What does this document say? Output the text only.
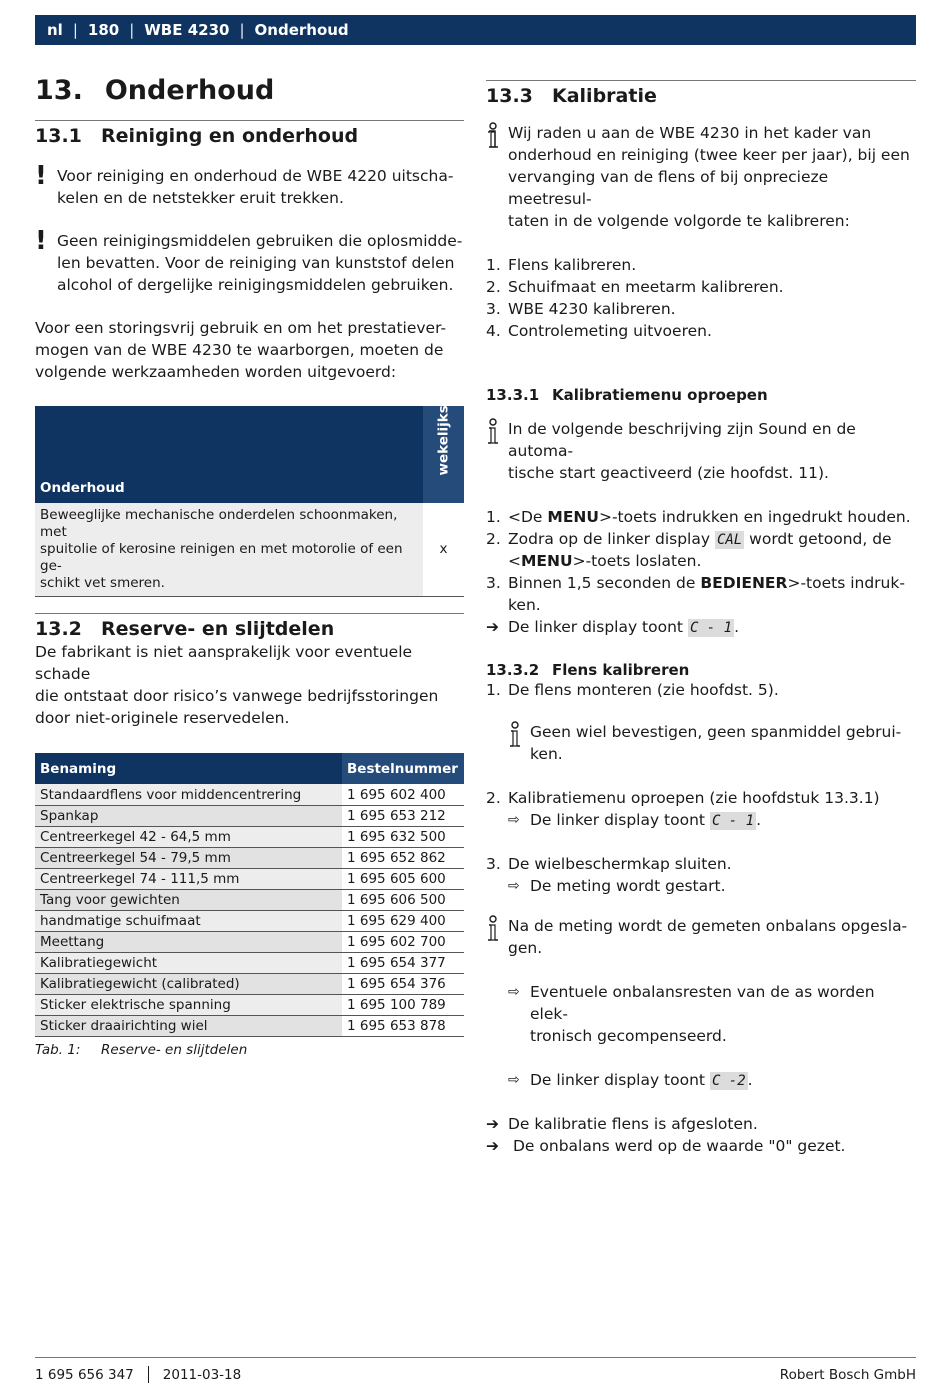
nl | 180 | WBE 4230 | Onderhoud
13. Onderhoud
13.1	Reiniging en onderhoud
! Voor reiniging en onderhoud de WBE 4220 uitscha-
kelen en de netstekker eruit trekken.
! Geen reinigingsmiddelen gebruiken die oplosmidde-
len bevatten. Voor de reiniging van kunststof delen
alcohol of dergelijke reinigingsmiddelen gebruiken.
Voor een storingsvrij gebruik en om het prestatiever-
mogen van de WBE 4230 te waarborgen, moeten de
volgende werkzaamheden worden uitgevoerd:
Onderhoud	wekelijks

Beweeglijke mechanische onderdelen schoonmaken, met
spuitolie of kerosine reinigen en met motorolie of een ge-
schikt vet smeren.	x
13.2	Reserve- en slijtdelen
De fabrikant is niet aansprakelijk voor eventuele schade
die ontstaat door risico’s vanwege bedrijfsstoringen
door niet-originele reservedelen.
Benaming	Bestelnummer
Standaardflens voor middencentrering	1 695 602 400
Spankap	1 695 653 212
Centreerkegel 42 - 64,5 mm	1 695 632 500
Centreerkegel 54 - 79,5 mm	1 695 652 862
Centreerkegel 74 - 111,5 mm	1 695 605 600
Tang voor gewichten	1 695 606 500
handmatige schuifmaat	1 695 629 400
Meettang	1 695 602 700
Kalibratiegewicht	1 695 654 377
Kalibratiegewicht (calibrated)	1 695 654 376
Sticker elektrische spanning	1 695 100 789
Sticker draairichting wiel	1 695 653 878
Tab. 1:	Reserve- en slijtdelen
13.3	Kalibratie
Wij raden u aan de WBE 4230 in het kader van
onderhoud en reiniging (twee keer per jaar), bij een
vervanging van de flens of bij onprecieze meetresul-
taten in de volgende volgorde te kalibreren:
1. Flens kalibreren.
2. Schuifmaat en meetarm kalibreren.
3. WBE 4230 kalibreren.
4. Controlemeting uitvoeren.
13.3.1 Kalibratiemenu oproepen
In de volgende beschrijving zijn Sound en de automa-
tische start geactiveerd (zie hoofdst. 11).
1. <De MENU>-toets indrukken en ingedrukt houden.
2. Zodra op de linker display CAL wordt getoond, de
<MENU>-toets loslaten.
3. Binnen 1,5 seconden de BEDIENER>-toets indruk-
ken.
➔ De linker display toont C - 1 .
13.3.2 Flens kalibreren
1. De flens monteren (zie hoofdst. 5).
Geen wiel bevestigen, geen spanmiddel gebrui-
ken.
2. Kalibratiemenu oproepen (zie hoofdstuk 13.3.1)
⇨ De linker display toont C - 1 .
3. De wielbeschermkap sluiten.
⇨ De meting wordt gestart.
Na de meting wordt de gemeten onbalans opgesla-
gen.
⇨ Eventuele onbalansresten van de as worden elek-
tronisch gecompenseerd.
⇨ De linker display toont C -2 .
➔ De kalibratie flens is afgesloten.
➔ De onbalans werd op de waarde "0" gezet.
1 695 656 347 2011-03-18	Robert Bosch GmbH
